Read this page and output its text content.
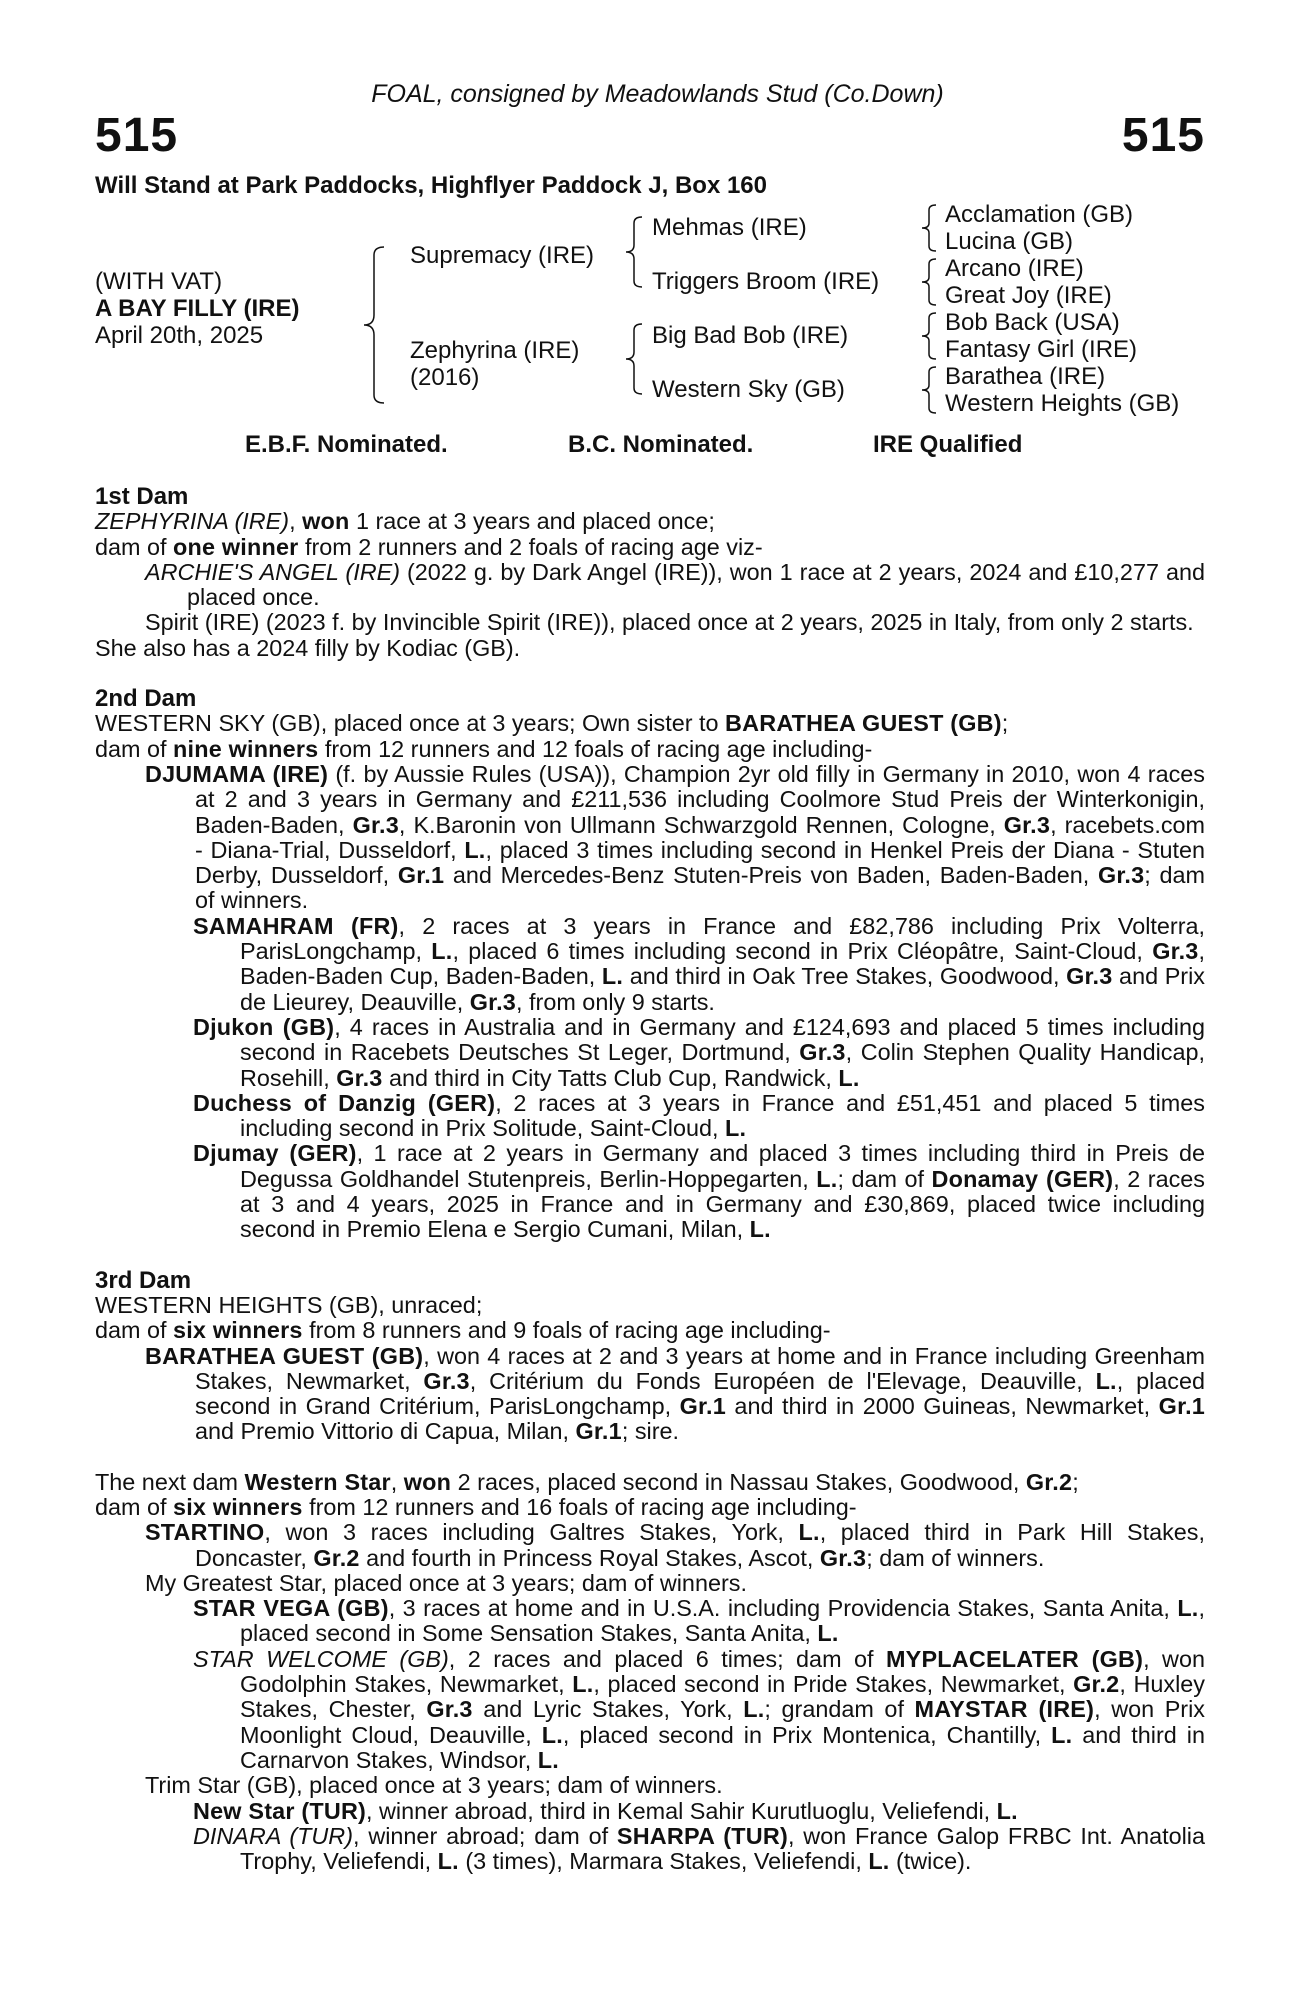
FOAL, consigned by Meadowlands Stud (Co.Down)
515	515
Will Stand at Park Paddocks, Highflyer Paddock J, Box 160
(WITH VAT)
A BAY FILLY (IRE)
April 20th, 2025
Supremacy (IRE)
Zephyrina (IRE)
(2016)
Mehmas (IRE)
Triggers Broom (IRE)
Big Bad Bob (IRE)
Western Sky (GB)
Acclamation (GB)
Lucina (GB)
Arcano (IRE)
Great Joy (IRE)
Bob Back (USA)
Fantasy Girl (IRE)
Barathea (IRE)
Western Heights (GB)
E.B.F. Nominated.	B.C. Nominated.	IRE Qualified

1st Dam

ZEPHYRINA (IRE), won 1 race at 3 years and placed once;

dam of one winner from 2 runners and 2 foals of racing age viz-

ARCHIE'S ANGEL (IRE) (2022 g. by Dark Angel (IRE)), won 1 race at 2 years, 2024 and £10,277 and placed once.

Spirit (IRE) (2023 f. by Invincible Spirit (IRE)), placed once at 2 years, 2025 in Italy, from only 2 starts.

She also has a 2024 filly by Kodiac (GB).

2nd Dam

WESTERN SKY (GB), placed once at 3 years; Own sister to BARATHEA GUEST (GB);

dam of nine winners from 12 runners and 12 foals of racing age including-

DJUMAMA (IRE) (f. by Aussie Rules (USA)), Champion 2yr old filly in Germany in 2010, won 4 races at 2 and 3 years in Germany and £211,536 including Coolmore Stud Preis der Winterkonigin, Baden-Baden, Gr.3, K.Baronin von Ullmann Schwarzgold Rennen, Cologne, Gr.3, racebets.com - Diana-Trial, Dusseldorf, L., placed 3 times including second in Henkel Preis der Diana - Stuten Derby, Dusseldorf, Gr.1 and Mercedes-Benz Stuten-Preis von Baden, Baden-Baden, Gr.3; dam of winners.

SAMAHRAM (FR), 2 races at 3 years in France and £82,786 including Prix Volterra, ParisLongchamp, L., placed 6 times including second in Prix Cléopâtre, Saint-Cloud, Gr.3, Baden-Baden Cup, Baden-Baden, L. and third in Oak Tree Stakes, Goodwood, Gr.3 and Prix de Lieurey, Deauville, Gr.3, from only 9 starts.

Djukon (GB), 4 races in Australia and in Germany and £124,693 and placed 5 times including second in Racebets Deutsches St Leger, Dortmund, Gr.3, Colin Stephen Quality Handicap, Rosehill, Gr.3 and third in City Tatts Club Cup, Randwick, L.

Duchess of Danzig (GER), 2 races at 3 years in France and £51,451 and placed 5 times including second in Prix Solitude, Saint-Cloud, L.

Djumay (GER), 1 race at 2 years in Germany and placed 3 times including third in Preis de Degussa Goldhandel Stutenpreis, Berlin-Hoppegarten, L.; dam of Donamay (GER), 2 races at 3 and 4 years, 2025 in France and in Germany and £30,869, placed twice including second in Premio Elena e Sergio Cumani, Milan, L.

3rd Dam

WESTERN HEIGHTS (GB), unraced;

dam of six winners from 8 runners and 9 foals of racing age including-

BARATHEA GUEST (GB), won 4 races at 2 and 3 years at home and in France including Greenham Stakes, Newmarket, Gr.3, Critérium du Fonds Européen de l'Elevage, Deauville, L., placed second in Grand Critérium, ParisLongchamp, Gr.1 and third in 2000 Guineas, Newmarket, Gr.1 and Premio Vittorio di Capua, Milan, Gr.1; sire.

The next dam Western Star, won 2 races, placed second in Nassau Stakes, Goodwood, Gr.2;

dam of six winners from 12 runners and 16 foals of racing age including-

STARTINO, won 3 races including Galtres Stakes, York, L., placed third in Park Hill Stakes, Doncaster, Gr.2 and fourth in Princess Royal Stakes, Ascot, Gr.3; dam of winners.

My Greatest Star, placed once at 3 years; dam of winners.

STAR VEGA (GB), 3 races at home and in U.S.A. including Providencia Stakes, Santa Anita, L., placed second in Some Sensation Stakes, Santa Anita, L.

STAR WELCOME (GB), 2 races and placed 6 times; dam of MYPLACELATER (GB), won Godolphin Stakes, Newmarket, L., placed second in Pride Stakes, Newmarket, Gr.2, Huxley Stakes, Chester, Gr.3 and Lyric Stakes, York, L.; grandam of MAYSTAR (IRE), won Prix Moonlight Cloud, Deauville, L., placed second in Prix Montenica, Chantilly, L. and third in Carnarvon Stakes, Windsor, L.

Trim Star (GB), placed once at 3 years; dam of winners.

New Star (TUR), winner abroad, third in Kemal Sahir Kurutluoglu, Veliefendi, L.

DINARA (TUR), winner abroad; dam of SHARPA (TUR), won France Galop FRBC Int. Anatolia Trophy, Veliefendi, L. (3 times), Marmara Stakes, Veliefendi, L. (twice).
